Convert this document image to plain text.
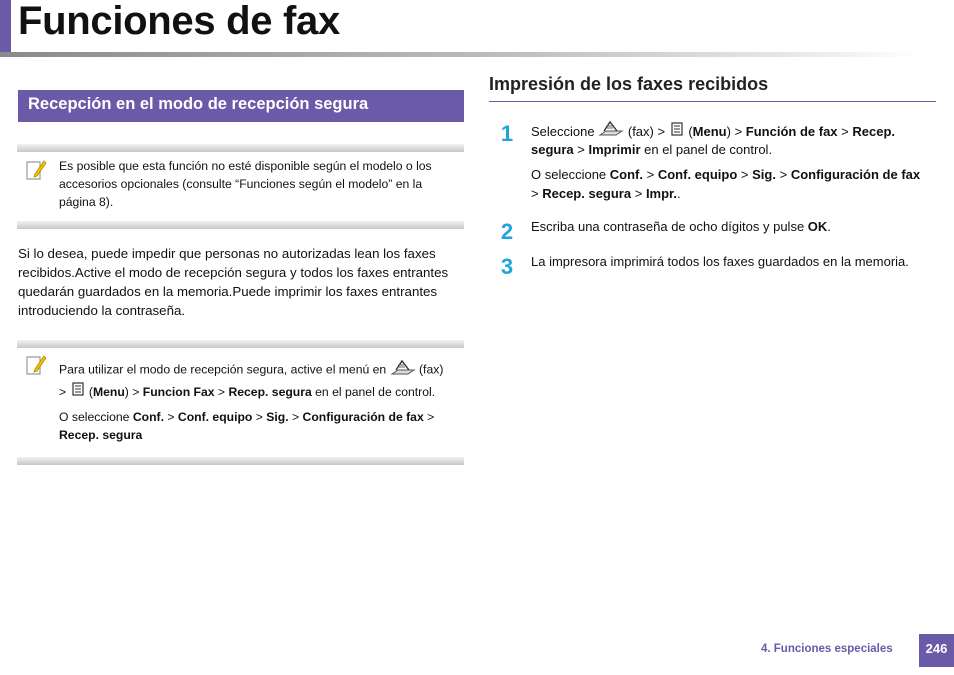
Funciones de fax
Recepción en el modo de recepción segura
Es posible que esta función no esté disponible según el modelo o los
accesorios opcionales (consulte “Funciones según el modelo” en la
página 8).
Si lo desea, puede impedir que personas no autorizadas lean los faxes
recibidos.Active el modo de recepción segura y todos los faxes entrantes
quedarán guardados en la memoria.Puede imprimir los faxes entrantes
introduciendo la contraseña.
Para utilizar el modo de recepción segura, active el menú en	(fax)
> (Menu) > Funcion Fax > Recep. segura en el panel de control.
O seleccione Conf. > Conf. equipo > Sig. > Configuración de fax >
Recep. segura
Impresión de los faxes recibidos
1 Seleccione	(fax) > (Menu) > Función de fax > Recep.
segura > Imprimir en el panel de control.
O seleccione Conf. > Conf. equipo > Sig. > Configuración de fax
> Recep. segura > Impr..
2 Escriba una contraseña de ocho dígitos y pulse OK.
3 La impresora imprimirá todos los faxes guardados en la memoria.
4. Funciones especiales	246
